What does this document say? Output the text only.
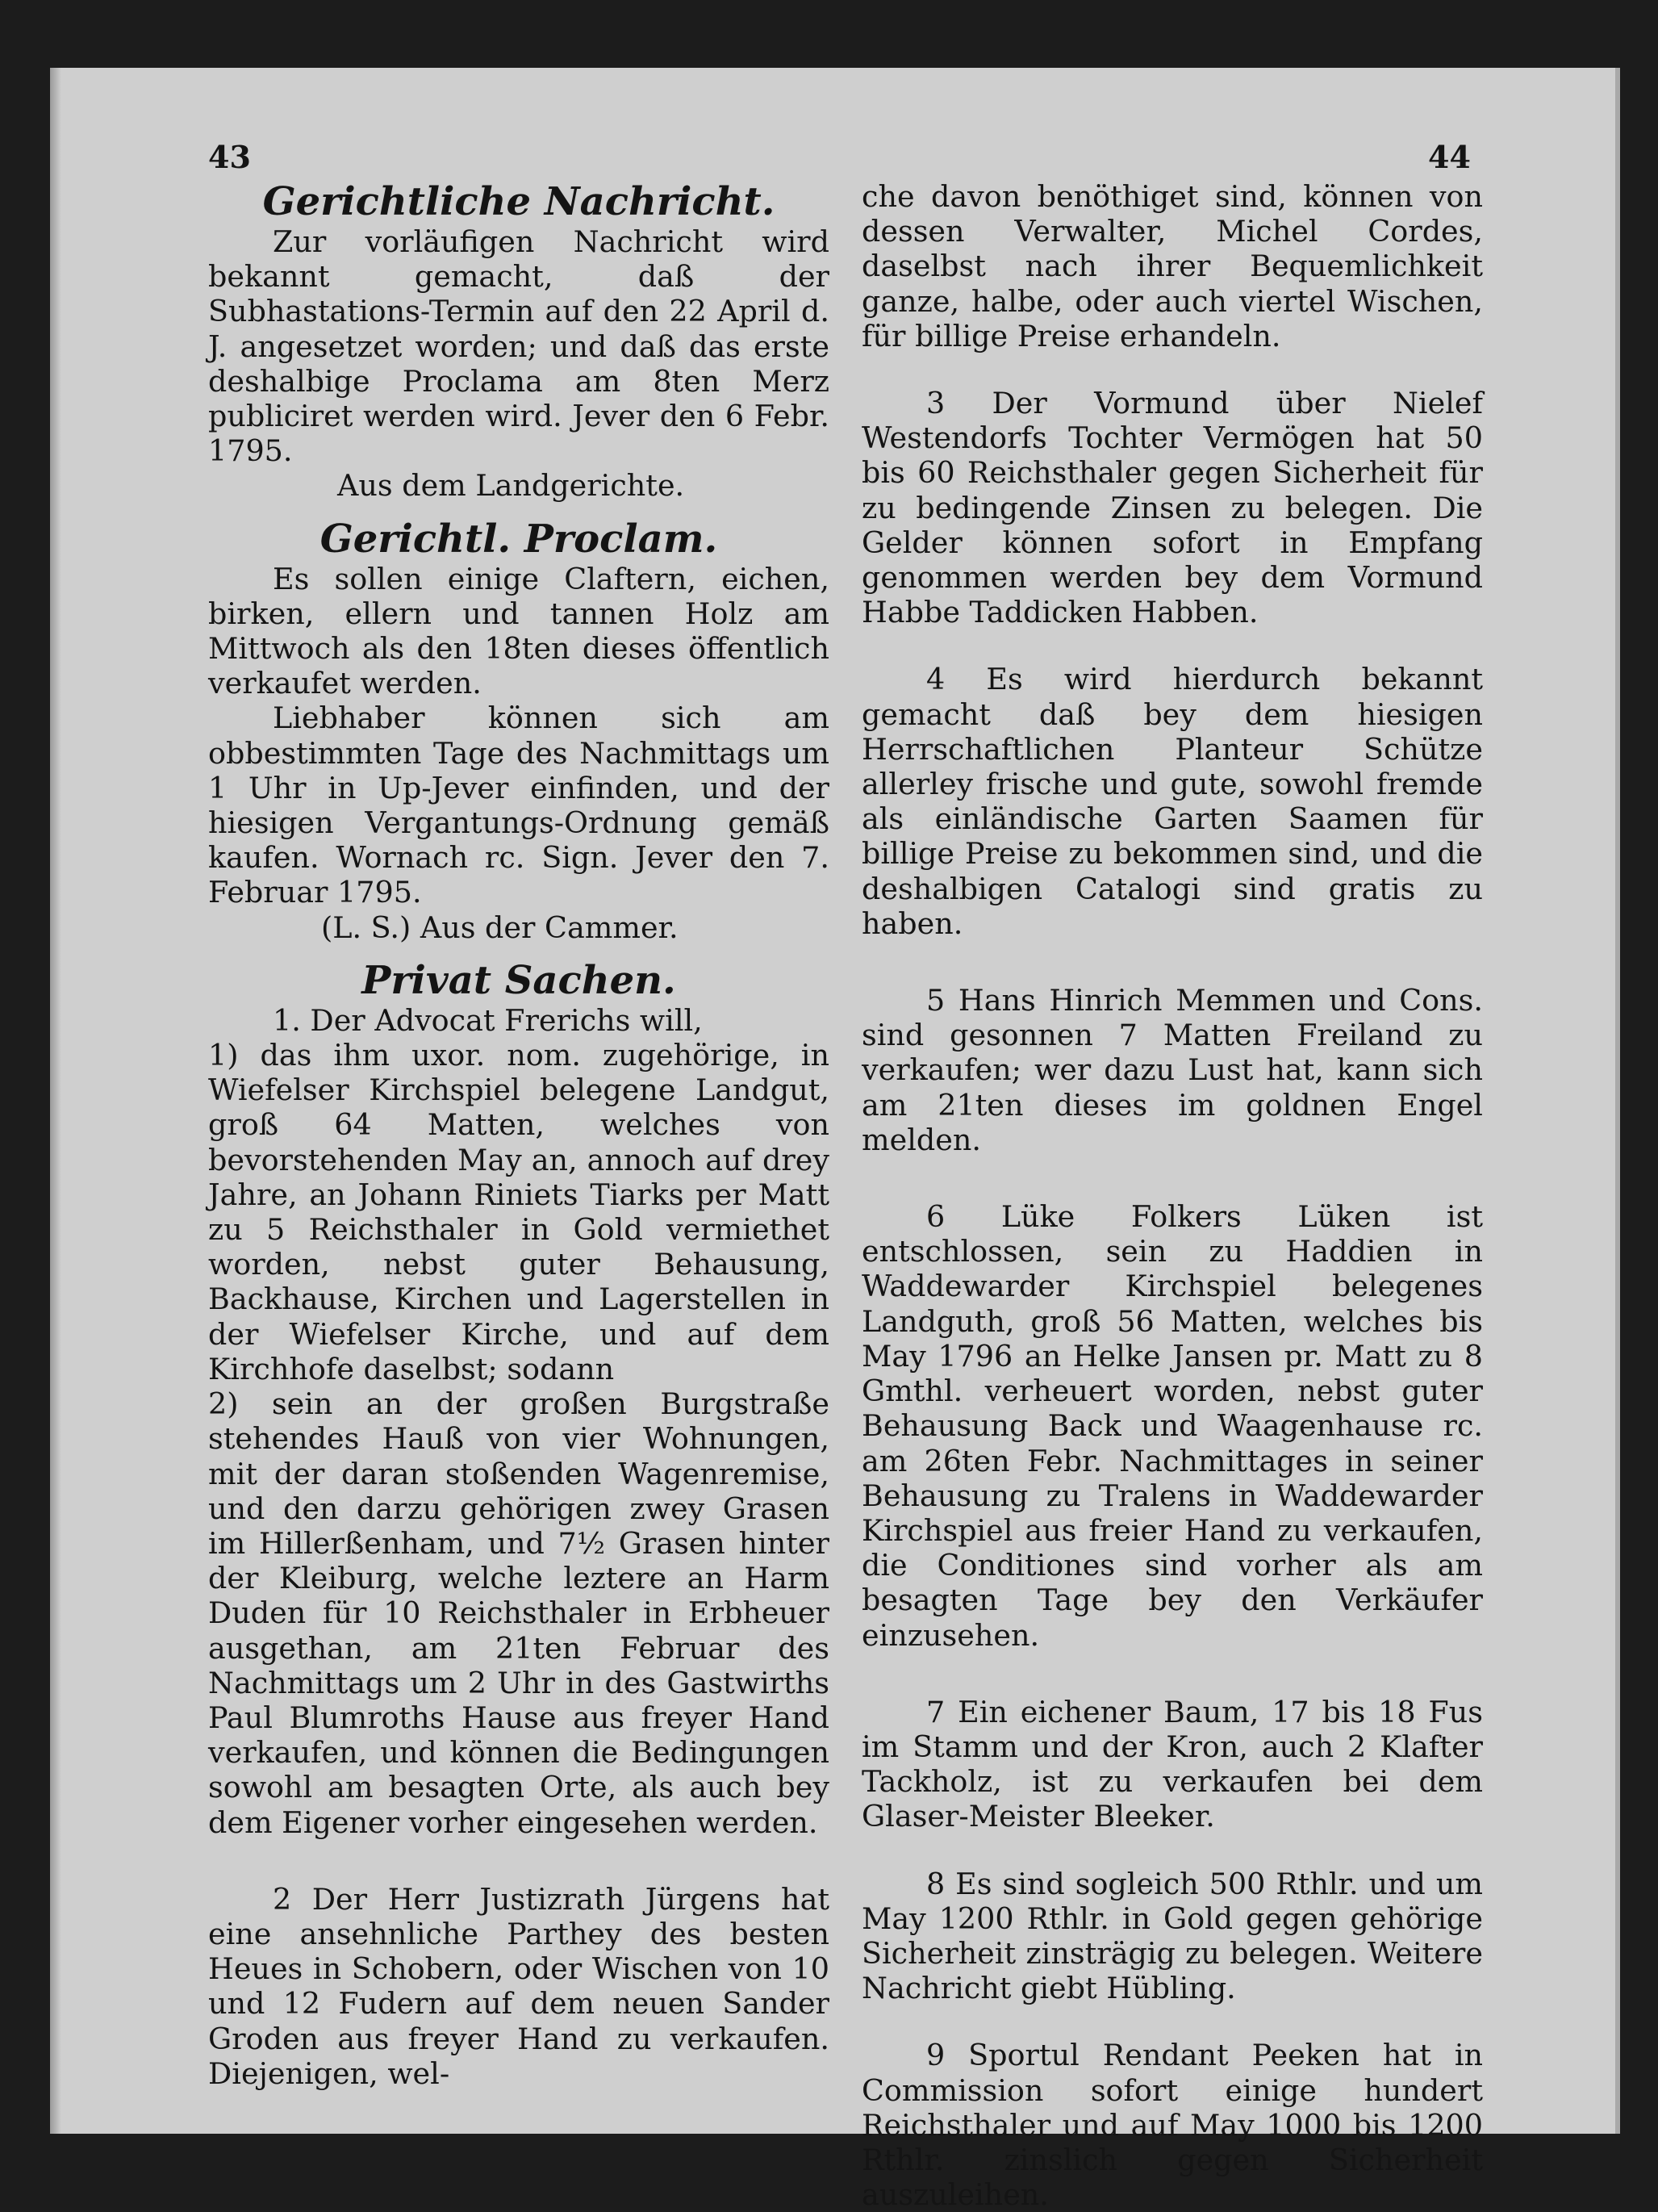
43	44
Gerichtliche Nachricht.

Zur vorläufigen Nachricht wird bekannt gemacht, daß der Subhastations-Termin auf den 22 April d. J. angesetzet worden; und daß das erste deshalbige Proclama am 8ten Merz publiciret werden wird. Jever den 6 Febr. 1795.

Aus dem Landgerichte.

Gerichtl. Proclam.

Es sollen einige Claftern, eichen, birken, ellern und tannen Holz am Mittwoch als den 18ten dieses öffentlich verkaufet werden.

Liebhaber können sich am obbestimmten Tage des Nachmittags um 1 Uhr in Up-Jever einfinden, und der hiesigen Vergantungs-Ordnung gemäß kaufen. Wornach rc. Sign. Jever den 7. Februar 1795.

(L. S.) Aus der Cammer.

Privat Sachen.

1. Der Advocat Frerichs will,

1) das ihm uxor. nom. zugehörige, in Wiefelser Kirchspiel belegene Landgut, groß 64 Matten, welches von bevorstehenden May an, annoch auf drey Jahre, an Johann Riniets Tiarks per Matt zu 5 Reichsthaler in Gold vermiethet worden, nebst guter Behausung, Backhause, Kirchen und Lagerstellen in der Wiefelser Kirche, und auf dem Kirchhofe daselbst; sodann

2) sein an der großen Burgstraße stehendes Hauß von vier Wohnungen, mit der daran stoßenden Wagenremise, und den darzu gehörigen zwey Grasen im Hillerßenham, und 7½ Grasen hinter der Kleiburg, welche leztere an Harm Duden für 10 Reichsthaler in Erbheuer ausgethan, am 21ten Februar des Nachmittags um 2 Uhr in des Gastwirths Paul Blumroths Hause aus freyer Hand verkaufen, und können die Bedingungen sowohl am besagten Orte, als auch bey dem Eigener vorher eingesehen werden.

2 Der Herr Justizrath Jürgens hat eine ansehnliche Parthey des besten Heues in Schobern, oder Wischen von 10 und 12 Fudern auf dem neuen Sander Groden aus freyer Hand zu verkaufen. Diejenigen, wel-

che davon benöthiget sind, können von dessen Verwalter, Michel Cordes, daselbst nach ihrer Bequemlichkeit ganze, halbe, oder auch viertel Wischen, für billige Preise erhandeln.

3 Der Vormund über Nielef Westendorfs Tochter Vermögen hat 50 bis 60 Reichsthaler gegen Sicherheit für zu bedingende Zinsen zu belegen. Die Gelder können sofort in Empfang genommen werden bey dem Vormund Habbe Taddicken Habben.

4 Es wird hierdurch bekannt gemacht daß bey dem hiesigen Herrschaftlichen Planteur Schütze allerley frische und gute, sowohl fremde als einländische Garten Saamen für billige Preise zu bekommen sind, und die deshalbigen Catalogi sind gratis zu haben.

5 Hans Hinrich Memmen und Cons. sind gesonnen 7 Matten Freiland zu verkaufen; wer dazu Lust hat, kann sich am 21ten dieses im goldnen Engel melden.

6 Lüke Folkers Lüken ist entschlossen, sein zu Haddien in Waddewarder Kirchspiel belegenes Landguth, groß 56 Matten, welches bis May 1796 an Helke Jansen pr. Matt zu 8 Gmthl. verheuert worden, nebst guter Behausung Back und Waagenhause rc. am 26ten Febr. Nachmittages in seiner Behausung zu Tralens in Waddewarder Kirchspiel aus freier Hand zu verkaufen, die Conditiones sind vorher als am besagten Tage bey den Verkäufer einzusehen.

7 Ein eichener Baum, 17 bis 18 Fus im Stamm und der Kron, auch 2 Klafter Tackholz, ist zu verkaufen bei dem Glaser-Meister Bleeker.

8 Es sind sogleich 500 Rthlr. und um May 1200 Rthlr. in Gold gegen gehörige Sicherheit zinsträgig zu belegen. Weitere Nachricht giebt Hübling.

9 Sportul Rendant Peeken hat in Commission sofort einige hundert Reichsthaler und auf May 1000 bis 1200 Rthlr. zinslich gegen Sicherheit auszuleihen.
